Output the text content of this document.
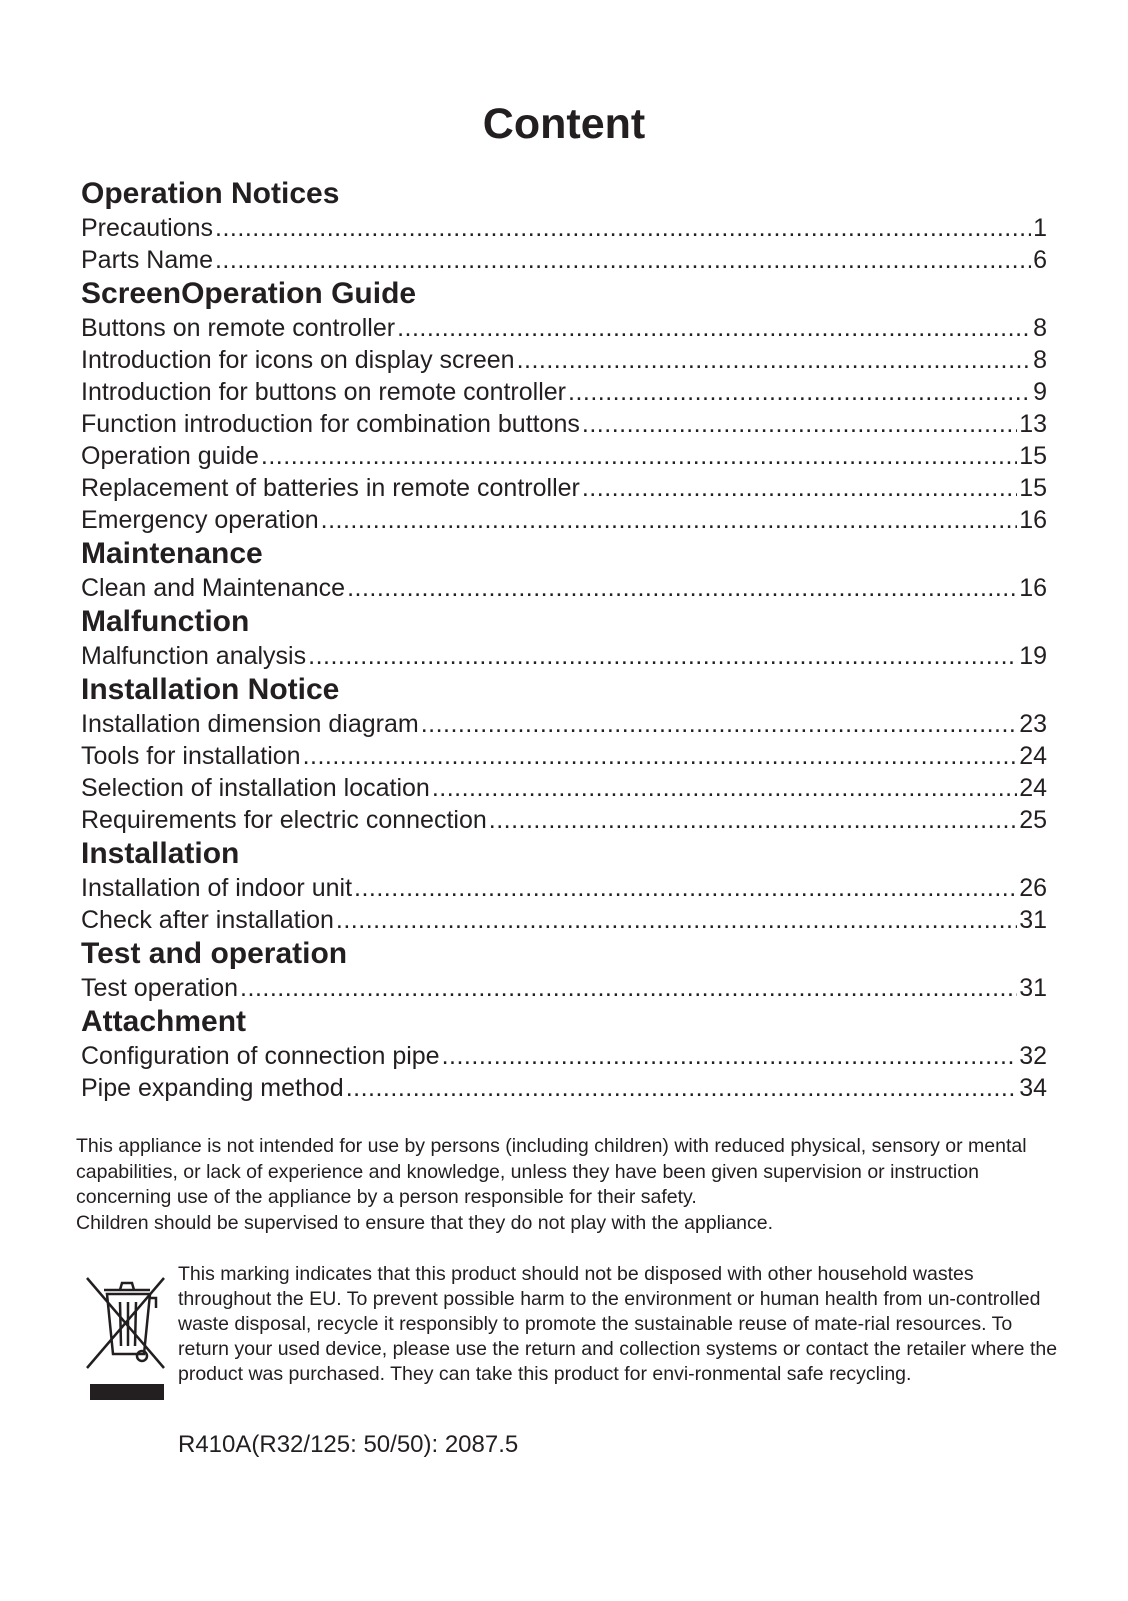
Content
Operation Notices
Precautions .....	1
Parts Name .....	6
ScreenOperation Guide
Buttons on remote controller .....	8
Introduction for icons on display screen .....	8
Introduction for buttons on remote controller .....	9
Function introduction for combination buttons .....	13
Operation guide .....	15
Replacement of batteries in remote controller .....	15
Emergency operation .....	16
Maintenance
Clean and Maintenance .....	16
Malfunction
Malfunction analysis .....	19
Installation Notice
Installation dimension diagram .....	23
Tools for installation .....	24
Selection of installation location .....	24
Requirements for electric connection .....	25
Installation
Installation of indoor unit .....	26
Check after installation .....	31
Test and operation
Test operation .....	31
Attachment
Configuration of connection pipe .....	32
Pipe expanding method .....	34

This appliance is not intended for use by persons (including children) with reduced physical, sensory or mental capabilities, or lack of experience and knowledge, unless they have been given supervision or instruction concerning use of the appliance by a person responsible for their safety.

Children should be supervised to ensure that they do not play with the appliance.

This marking indicates that this product should not be disposed with other household wastes throughout the EU. To prevent possible harm to the environment or human health from un-controlled waste disposal, recycle it responsibly to promote the sustainable reuse of mate-rial resources. To return your used device, please use the return and collection systems or contact the retailer where the product was purchased. They can take this product for envi-ronmental safe recycling.
R410A(R32/125: 50/50): 2087.5
